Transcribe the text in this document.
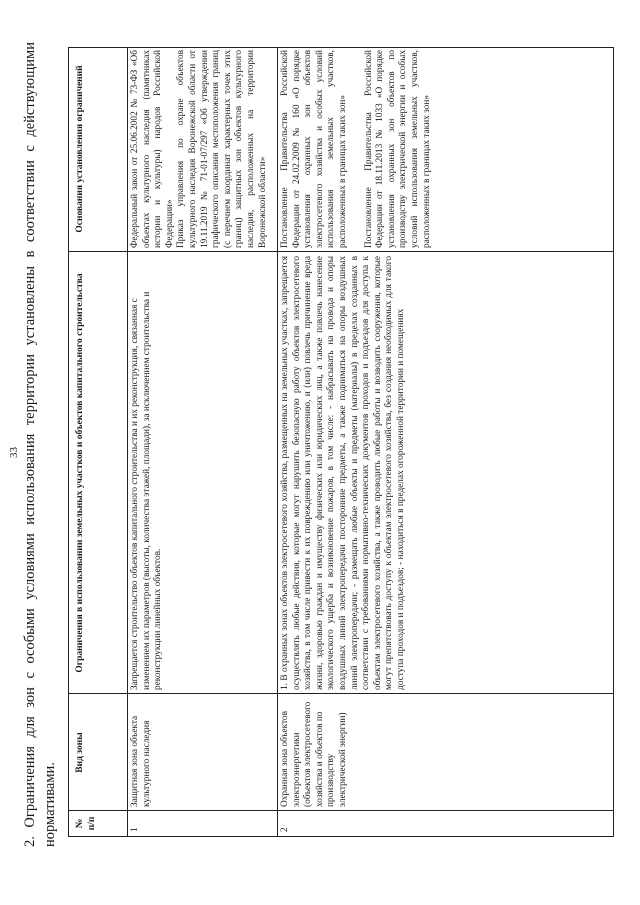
33 2. Ограничения для зон с особыми условиями использования территории установлены в соответствии с действующими нормативами.	№ п/п
Вид зоны
Ограничения в использовании земельных участков и объектов капитального строительства
Основания установления ограничений
1
Защитная зона объекта культурного наследия
Запрещается строительство объектов капитального строительства и их реконструкция, связанная с изменением их параметров (высоты, количества этажей, площади), за исключением строительства и реконструкции линейных объектов.

Федеральный закон от 25.06.2002 № 73-ФЗ «Об объектах культурного наследия (памятниках истории и культуры) народов Российской Федерации» Приказ управления по охране объектов культурного наследия Воронежской области от 19.11.2019 № 71-01-07/297 «Об утверждении графического описания местоположения границ (с перечнем координат характерных точек этих границ) защитных зон объектов культурного наследия, расположенных на территории Воронежской области»

2
Охранная зона объектов электроэнергетики (объектов электросетевого хозяйства и объектов по производству электрической энергии)
1. В охранных зонах объектов электросетевого хозяйства, размещенных на земельных участках, запрещается осуществлять любые действия, которые могут нарушить безопасную работу объектов электросетевого хозяйства, в том числе привести к их повреждению или уничтожению, и (или) повлечь причинение вреда жизни, здоровью граждан и имуществу физических или юридических лиц, а также повлечь нанесение экологического ущерба и возникновение пожаров, в том числе: - набрасывать на провода и опоры воздушных линий электропередачи посторонние предметы, а также подниматься на опоры воздушных линий электропередачи; - размещать любые объекты и предметы (материалы) в пределах созданных в соответствии с требованиями нормативно-технических документов проходов и подъездов для доступа к объектам электросетевого хозяйства, а также проводить любые работы и возводить сооружения, которые могут препятствовать доступу к объектам электросетевого хозяйства, без создания необходимых для такого доступа проходов и подъездов; - находиться в пределах огороженной территории и помещениях

Постановление Правительства Российской Федерации от 24.02.2009 № 160 «О порядке установления охранных зон объектов электросетевого хозяйства и особых условий использования земельных участков, расположенных в границах таких зон» Постановление Правительства Российской Федерации от 18.11.2013 № 1033 «О порядке установления охранных зон объектов по производству электрической энергии и особых условий использования земельных участков, расположенных в границах таких зон»
